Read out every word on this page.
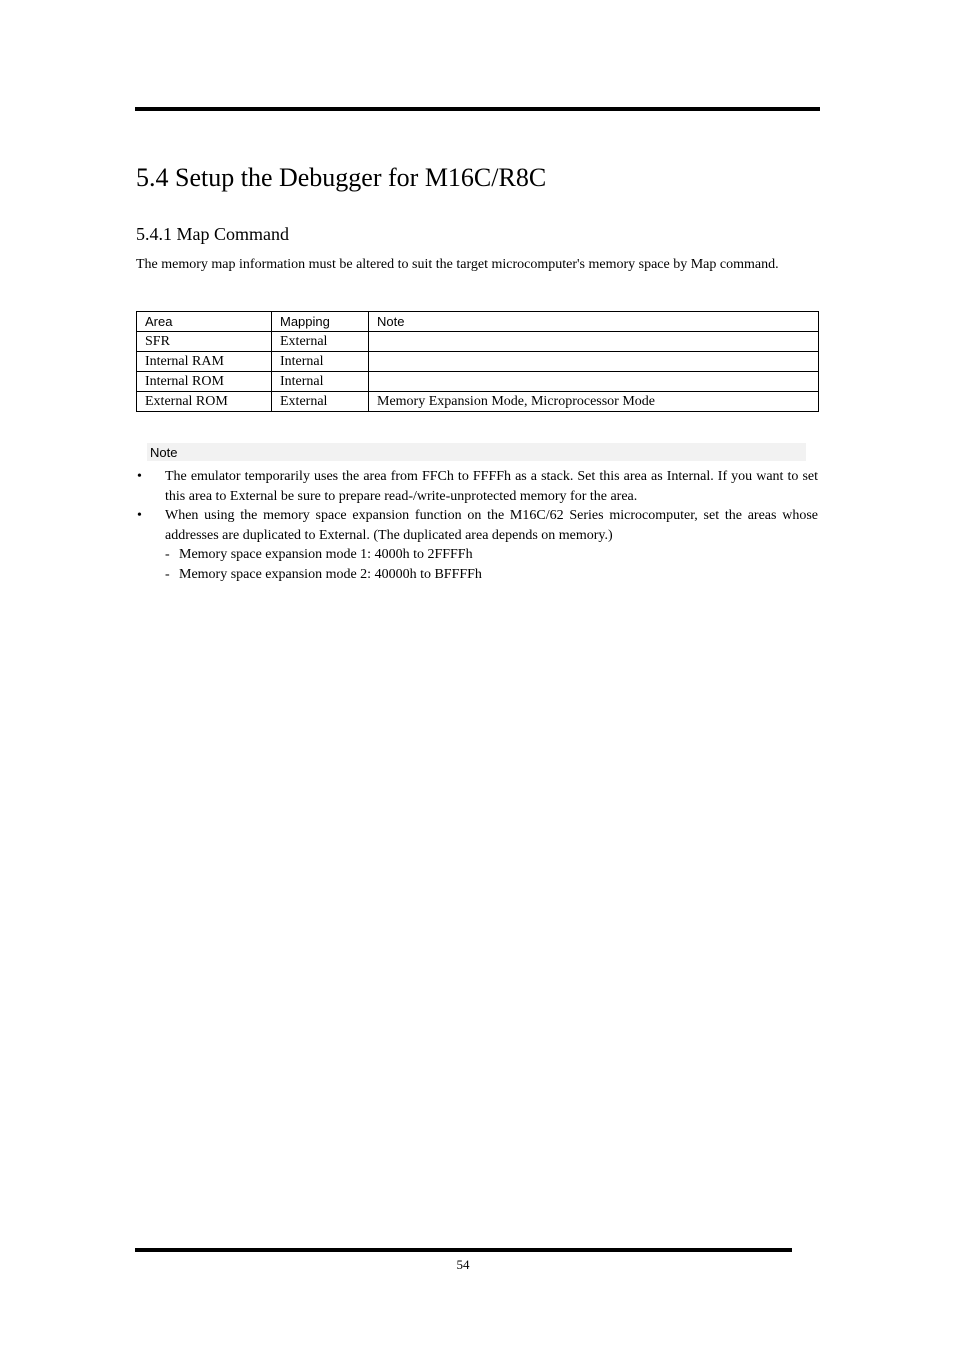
5.4 Setup the Debugger for M16C/R8C
5.4.1 Map Command

The memory map information must be altered to suit the target microcomputer's memory space by Map command.

Area	Mapping	Note
SFR	External	
Internal RAM	Internal	
Internal ROM	Internal	
External ROM	External	Memory Expansion Mode, Microprocessor Mode

Note

• The emulator temporarily uses the area from FFCh to FFFFh as a stack. Set this area as Internal. If you want to set this area to External be sure to prepare read-/write-unprotected memory for the area.
• When using the memory space expansion function on the M16C/62 Series microcomputer, set the areas whose addresses are duplicated to External. (The duplicated area depends on memory.)
- Memory space expansion mode 1: 4000h to 2FFFFh
- Memory space expansion mode 2: 40000h to BFFFFh

54
